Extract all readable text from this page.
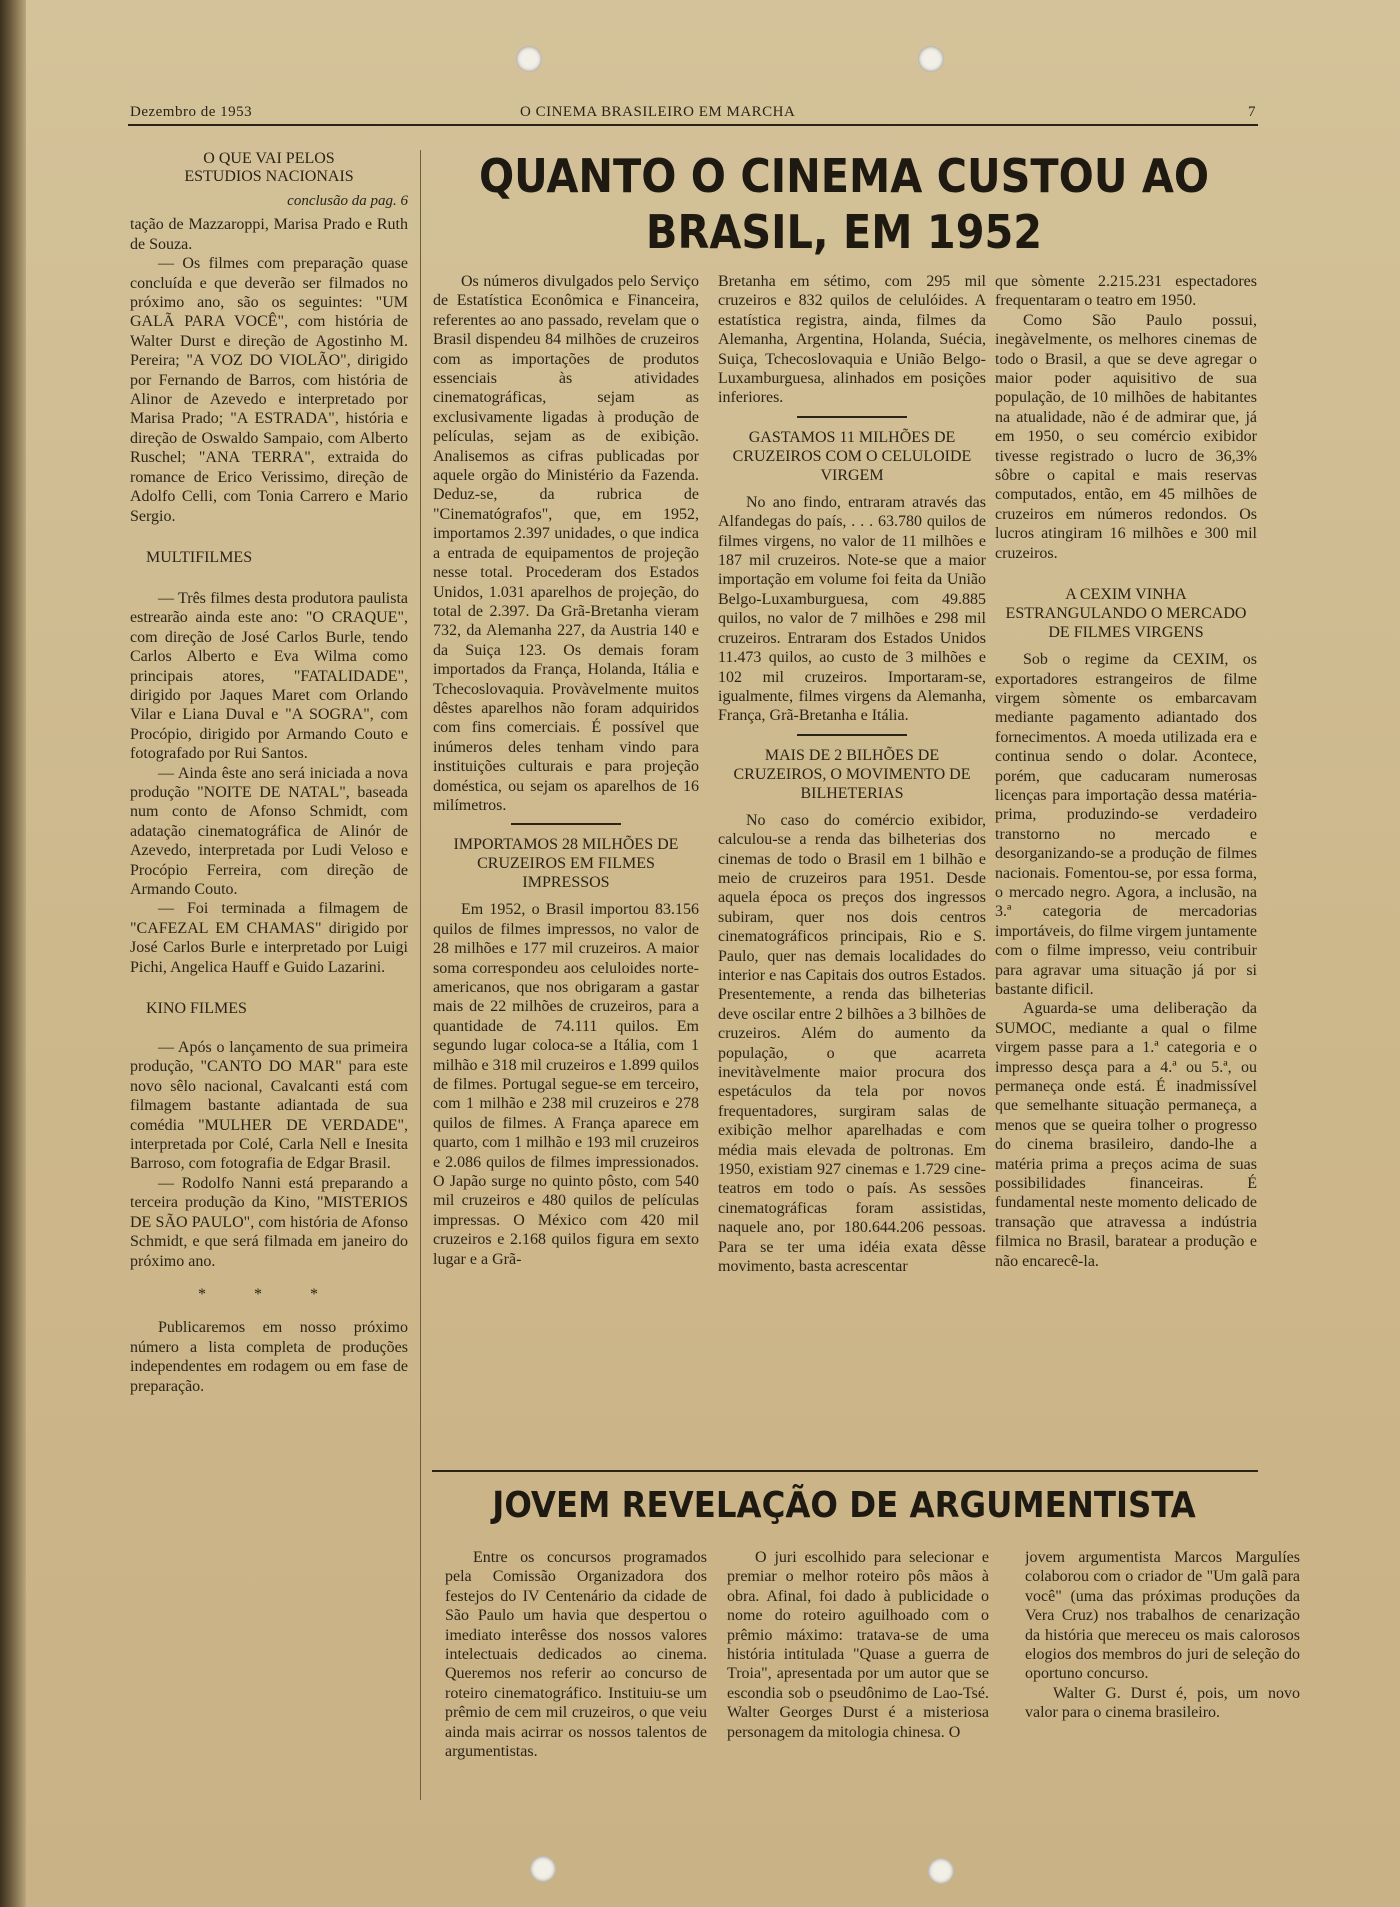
Dezembro de 1953	O CINEMA BRASILEIRO EM MARCHA	7
O QUE VAI PELOS
ESTUDIOS NACIONAIS
conclusão da pag. 6

tação de Mazzaroppi, Marisa Prado e Ruth de Souza.

— Os filmes com preparação quase concluída e que deverão ser filmados no próximo ano, são os seguintes: "UM GALÃ PARA VOCÊ", com história de Walter Durst e direção de Agostinho M. Pereira; "A VOZ DO VIOLÃO", dirigido por Fernando de Barros, com história de Alinor de Azevedo e interpretado por Marisa Prado; "A ESTRADA", história e direção de Oswaldo Sampaio, com Alberto Ruschel; "ANA TERRA", extraida do romance de Erico Verissimo, direção de Adolfo Celli, com Tonia Carrero e Mario Sergio.

MULTIFILMES

— Três filmes desta produtora paulista estrearão ainda este ano: "O CRAQUE", com direção de José Carlos Burle, tendo Carlos Alberto e Eva Wilma como principais atores, "FATALIDADE", dirigido por Jaques Maret com Orlando Vilar e Liana Duval e "A SOGRA", com Procópio, dirigido por Armando Couto e fotografado por Rui Santos.

— Ainda êste ano será iniciada a nova produção "NOITE DE NATAL", baseada num conto de Afonso Schmidt, com adatação cinematográfica de Alinór de Azevedo, interpretada por Ludi Veloso e Procópio Ferreira, com direção de Armando Couto.

— Foi terminada a filmagem de "CAFEZAL EM CHAMAS" dirigido por José Carlos Burle e interpretado por Luigi Pichi, Angelica Hauff e Guido Lazarini.

KINO FILMES

— Após o lançamento de sua primeira produção, "CANTO DO MAR" para este novo sêlo nacional, Cavalcanti está com filmagem bastante adiantada de sua comédia "MULHER DE VERDADE", interpretada por Colé, Carla Nell e Inesita Barroso, com fotografia de Edgar Brasil.

— Rodolfo Nanni está preparando a terceira produção da Kino, "MISTERIOS DE SÃO PAULO", com história de Afonso Schmidt, e que será filmada em janeiro do próximo ano.

* * *

Publicaremos em nosso próximo número a lista completa de produções independentes em rodagem ou em fase de preparação.

QUANTO O CINEMA CUSTOU AO
BRASIL, EM 1952

Os números divulgados pelo Serviço de Estatística Econômica e Financeira, referentes ao ano passado, revelam que o Brasil dispendeu 84 milhões de cruzeiros com as importações de produtos essenciais às atividades cinematográficas, sejam as exclusivamente ligadas à produção de películas, sejam as de exibição. Analisemos as cifras publicadas por aquele orgão do Ministério da Fazenda. Deduz-se, da rubrica de "Cinematógrafos", que, em 1952, importamos 2.397 unidades, o que indica a entrada de equipamentos de projeção nesse total. Procederam dos Estados Unidos, 1.031 aparelhos de projeção, do total de 2.397. Da Grã-Bretanha vieram 732, da Alemanha 227, da Austria 140 e da Suiça 123. Os demais foram importados da França, Holanda, Itália e Tchecoslovaquia. Provàvelmente muitos dêstes aparelhos não foram adquiridos com fins comerciais. É possível que inúmeros deles tenham vindo para instituições culturais e para projeção doméstica, ou sejam os aparelhos de 16 milímetros.

IMPORTAMOS 28 MILHÕES DE CRUZEIROS EM FILMES IMPRESSOS

Em 1952, o Brasil importou 83.156 quilos de filmes impressos, no valor de 28 milhões e 177 mil cruzeiros. A maior soma correspondeu aos celuloides norte-americanos, que nos obrigaram a gastar mais de 22 milhões de cruzeiros, para a quantidade de 74.111 quilos. Em segundo lugar coloca-se a Itália, com 1 milhão e 318 mil cruzeiros e 1.899 quilos de filmes. Portugal segue-se em terceiro, com 1 milhão e 238 mil cruzeiros e 278 quilos de filmes. A França aparece em quarto, com 1 milhão e 193 mil cruzeiros e 2.086 quilos de filmes impressionados. O Japão surge no quinto pôsto, com 540 mil cruzeiros e 480 quilos de películas impressas. O México com 420 mil cruzeiros e 2.168 quilos figura em sexto lugar e a Grã-

Bretanha em sétimo, com 295 mil cruzeiros e 832 quilos de celulóides. A estatística registra, ainda, filmes da Alemanha, Argentina, Holanda, Suécia, Suiça, Tchecoslovaquia e União Belgo-Luxamburguesa, alinhados em posições inferiores.

GASTAMOS 11 MILHÕES DE CRUZEIROS COM O CELULOIDE VIRGEM

No ano findo, entraram através das Alfandegas do país, . . . 63.780 quilos de filmes virgens, no valor de 11 milhões e 187 mil cruzeiros. Note-se que a maior importação em volume foi feita da União Belgo-Luxamburguesa, com 49.885 quilos, no valor de 7 milhões e 298 mil cruzeiros. Entraram dos Estados Unidos 11.473 quilos, ao custo de 3 milhões e 102 mil cruzeiros. Importaram-se, igualmente, filmes virgens da Alemanha, França, Grã-Bretanha e Itália.

MAIS DE 2 BILHÕES DE CRUZEIROS, O MOVIMENTO DE BILHETERIAS

No caso do comércio exibidor, calculou-se a renda das bilheterias dos cinemas de todo o Brasil em 1 bilhão e meio de cruzeiros para 1951. Desde aquela época os preços dos ingressos subiram, quer nos dois centros cinematográficos principais, Rio e S. Paulo, quer nas demais localidades do interior e nas Capitais dos outros Estados. Presentemente, a renda das bilheterias deve oscilar entre 2 bilhões a 3 bilhões de cruzeiros. Além do aumento da população, o que acarreta inevitàvelmente maior procura dos espetáculos da tela por novos frequentadores, surgiram salas de exibição melhor aparelhadas e com média mais elevada de poltronas. Em 1950, existiam 927 cinemas e 1.729 cine-teatros em todo o país. As sessões cinematográficas foram assistidas, naquele ano, por 180.644.206 pessoas. Para se ter uma idéia exata dêsse movimento, basta acrescentar

que sòmente 2.215.231 espectadores frequentaram o teatro em 1950.

Como São Paulo possui, inegàvelmente, os melhores cinemas de todo o Brasil, a que se deve agregar o maior poder aquisitivo de sua população, de 10 milhões de habitantes na atualidade, não é de admirar que, já em 1950, o seu comércio exibidor tivesse registrado o lucro de 36,3% sôbre o capital e mais reservas computados, então, em 45 milhões de cruzeiros em números redondos. Os lucros atingiram 16 milhões e 300 mil cruzeiros.

A CEXIM VINHA ESTRANGULANDO O MERCADO DE FILMES VIRGENS

Sob o regime da CEXIM, os exportadores estrangeiros de filme virgem sòmente os embarcavam mediante pagamento adiantado dos fornecimentos. A moeda utilizada era e continua sendo o dolar. Acontece, porém, que caducaram numerosas licenças para importação dessa matéria-prima, produzindo-se verdadeiro transtorno no mercado e desorganizando-se a produção de filmes nacionais. Fomentou-se, por essa forma, o mercado negro. Agora, a inclusão, na 3.ª categoria de mercadorias importáveis, do filme virgem juntamente com o filme impresso, veiu contribuir para agravar uma situação já por si bastante dificil.

Aguarda-se uma deliberação da SUMOC, mediante a qual o filme virgem passe para a 1.ª categoria e o impresso desça para a 4.ª ou 5.ª, ou permaneça onde está. É inadmissível que semelhante situação permaneça, a menos que se queira tolher o progresso do cinema brasileiro, dando-lhe a matéria prima a preços acima de suas possibilidades financeiras. É fundamental neste momento delicado de transação que atravessa a indústria filmica no Brasil, baratear a produção e não encarecê-la.

JOVEM REVELAÇÃO DE ARGUMENTISTA

Entre os concursos programados pela Comissão Organizadora dos festejos do IV Centenário da cidade de São Paulo um havia que despertou o imediato interêsse dos nossos valores intelectuais dedicados ao cinema. Queremos nos referir ao concurso de roteiro cinematográfico. Instituiu-se um prêmio de cem mil cruzeiros, o que veiu ainda mais acirrar os nossos talentos de argumentistas.

O juri escolhido para selecionar e premiar o melhor roteiro pôs mãos à obra. Afinal, foi dado à publicidade o nome do roteiro aguilhoado com o prêmio máximo: tratava-se de uma história intitulada "Quase a guerra de Troia", apresentada por um autor que se escondia sob o pseudônimo de Lao-Tsé. Walter Georges Durst é a misteriosa personagem da mitologia chinesa. O

jovem argumentista Marcos Margulíes colaborou com o criador de "Um galã para você" (uma das próximas produções da Vera Cruz) nos trabalhos de cenarização da história que mereceu os mais calorosos elogios dos membros do juri de seleção do oportuno concurso.

Walter G. Durst é, pois, um novo valor para o cinema brasileiro.
